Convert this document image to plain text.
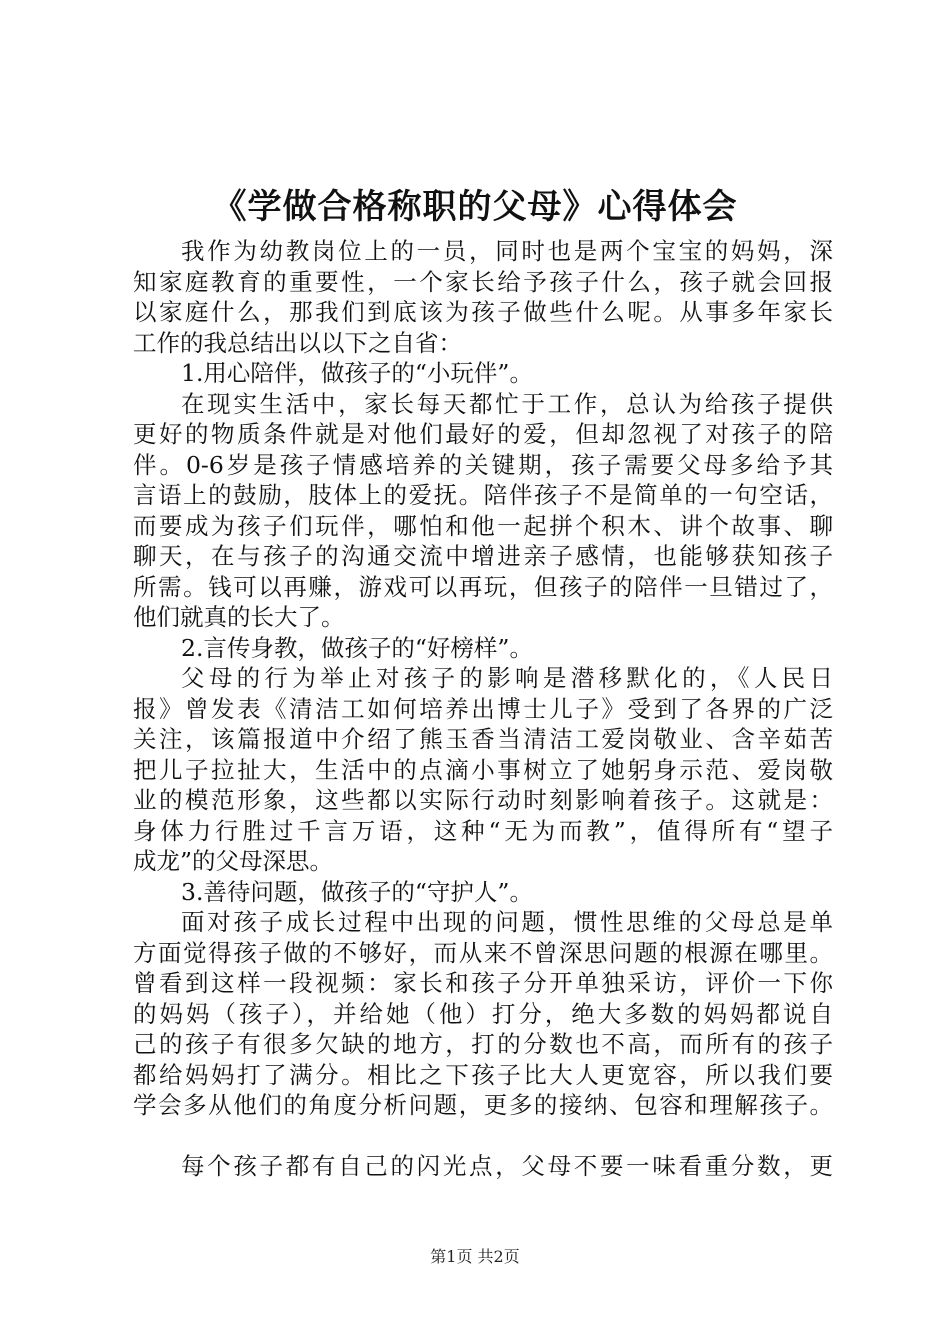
《学做合格称职的父母》心得体会

我作为幼教岗位上的一员，同时也是两个宝宝的妈妈，深

知家庭教育的重要性，一个家长给予孩子什么，孩子就会回报

以家庭什么，那我们到底该为孩子做些什么呢。从事多年家长

工作的我总结出以以下之自省：

1.用心陪伴，做孩子的“小玩伴”。

在现实生活中，家长每天都忙于工作，总认为给孩子提供

更好的物质条件就是对他们最好的爱，但却忽视了对孩子的陪

伴。0-6岁是孩子情感培养的关键期，孩子需要父母多给予其

言语上的鼓励，肢体上的爱抚。陪伴孩子不是简单的一句空话，

而要成为孩子们玩伴，哪怕和他一起拼个积木、讲个故事、聊

聊天，在与孩子的沟通交流中增进亲子感情，也能够获知孩子

所需。钱可以再赚，游戏可以再玩，但孩子的陪伴一旦错过了，

他们就真的长大了。

2.言传身教，做孩子的“好榜样”。

父母的行为举止对孩子的影响是潜移默化的，《人民日

报》曾发表《清洁工如何培养出博士儿子》受到了各界的广泛

关注，该篇报道中介绍了熊玉香当清洁工爱岗敬业、含辛茹苦

把儿子拉扯大，生活中的点滴小事树立了她躬身示范、爱岗敬

业的模范形象，这些都以实际行动时刻影响着孩子。这就是：

身体力行胜过千言万语，这种“无为而教”，值得所有“望子

成龙”的父母深思。

3.善待问题，做孩子的“守护人”。

面对孩子成长过程中出现的问题，惯性思维的父母总是单

方面觉得孩子做的不够好，而从来不曾深思问题的根源在哪里。

曾看到这样一段视频：家长和孩子分开单独采访，评价一下你

的妈妈（孩子），并给她（他）打分，绝大多数的妈妈都说自

己的孩子有很多欠缺的地方，打的分数也不高，而所有的孩子

都给妈妈打了满分。相比之下孩子比大人更宽容，所以我们要

学会多从他们的角度分析问题，更多的接纳、包容和理解孩子。

每个孩子都有自己的闪光点，父母不要一味看重分数，更

第1页 共2页
